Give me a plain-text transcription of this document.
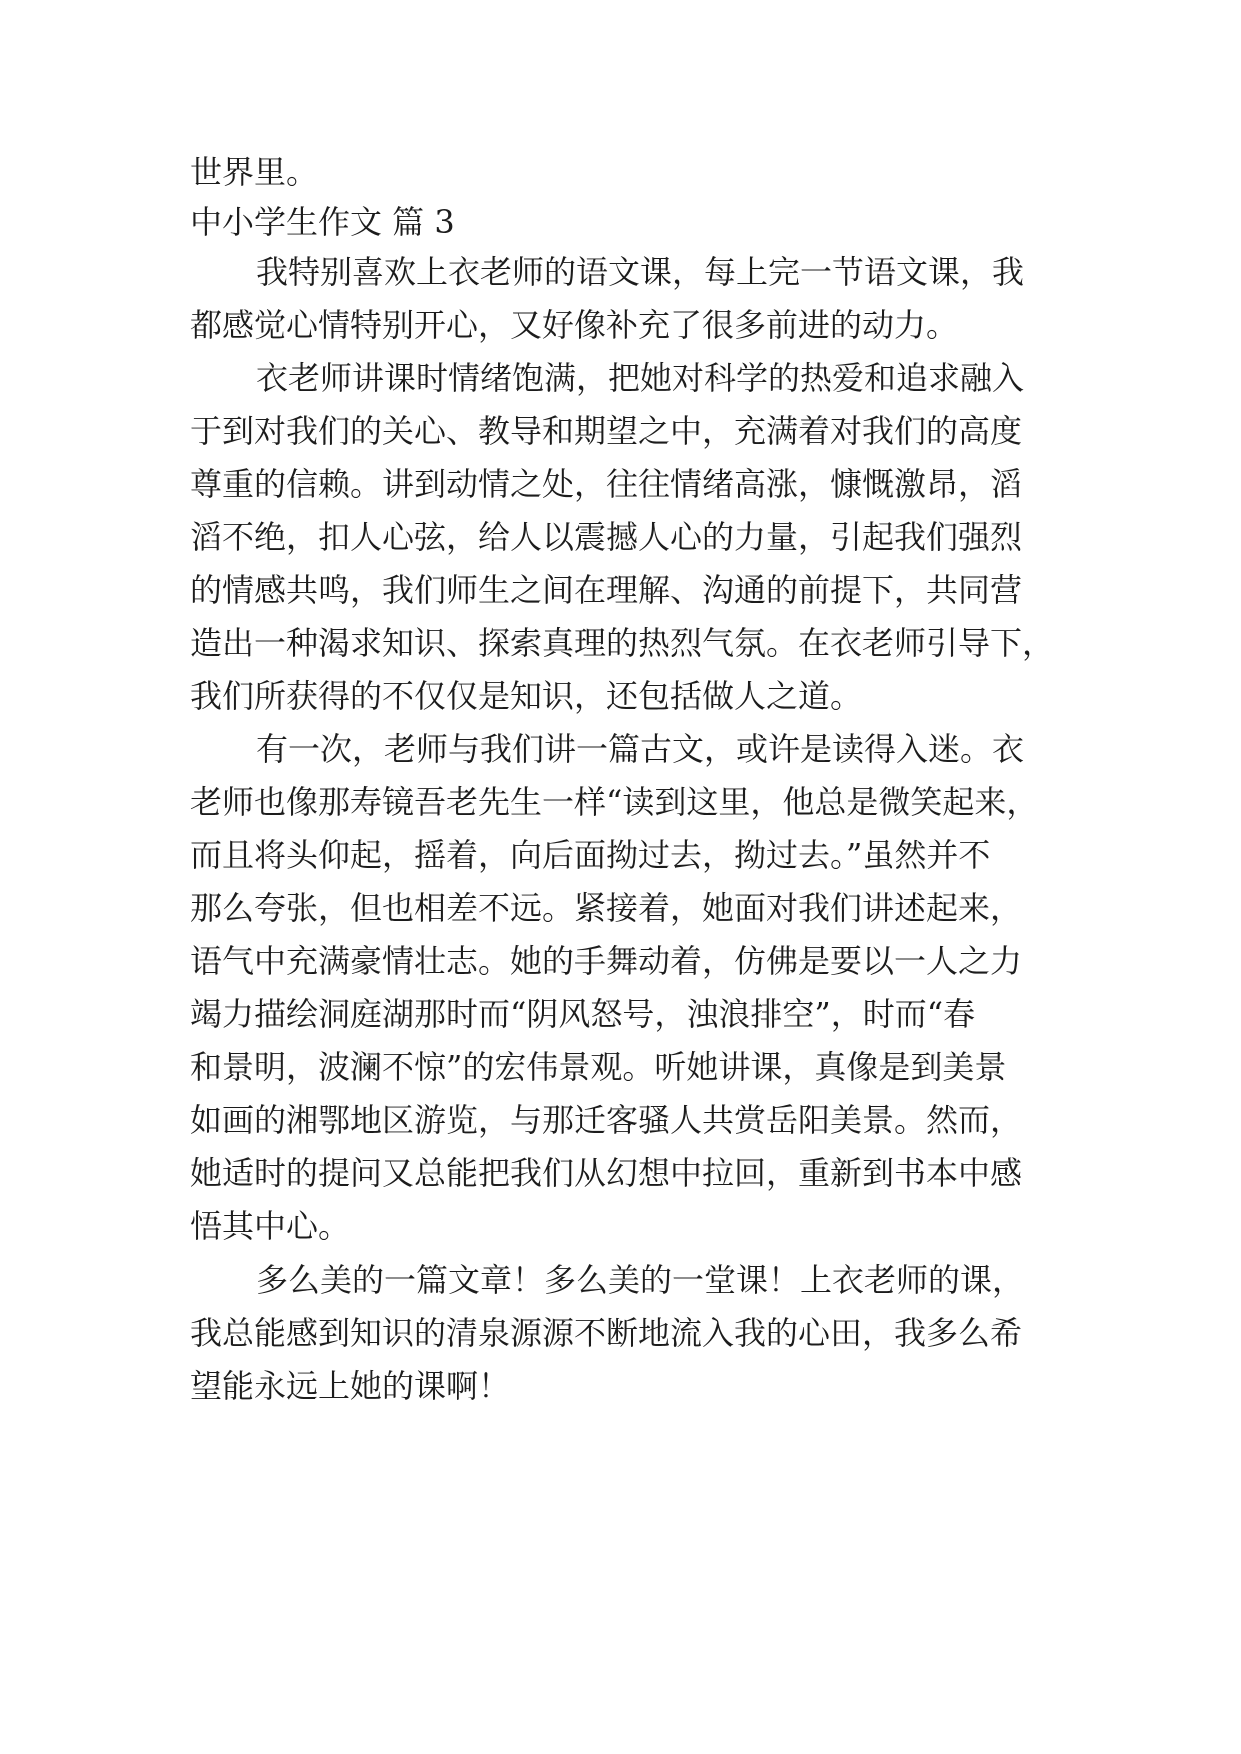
世界里。
中小学生作文 篇 3
我特别喜欢上衣老师的语文课，每上完一节语文课，我
都感觉心情特别开心，又好像补充了很多前进的动力。
衣老师讲课时情绪饱满，把她对科学的热爱和追求融入
于到对我们的关心、教导和期望之中，充满着对我们的高度
尊重的信赖。讲到动情之处，往往情绪高涨，慷慨激昂，滔
滔不绝，扣人心弦，给人以震撼人心的力量，引起我们强烈
的情感共鸣，我们师生之间在理解、沟通的前提下，共同营
造出一种渴求知识、探索真理的热烈气氛。在衣老师引导下，
我们所获得的不仅仅是知识，还包括做人之道。
有一次，老师与我们讲一篇古文，或许是读得入迷。衣
老师也像那寿镜吾老先生一样“读到这里，他总是微笑起来，
而且将头仰起，摇着，向后面拗过去，拗过去。”虽然并不
那么夸张，但也相差不远。紧接着，她面对我们讲述起来，
语气中充满豪情壮志。她的手舞动着，仿佛是要以一人之力
竭力描绘洞庭湖那时而“阴风怒号，浊浪排空”，时而“春
和景明，波澜不惊”的宏伟景观。听她讲课，真像是到美景
如画的湘鄂地区游览，与那迁客骚人共赏岳阳美景。然而，
她适时的提问又总能把我们从幻想中拉回，重新到书本中感
悟其中心。
多么美的一篇文章！多么美的一堂课！上衣老师的课，
我总能感到知识的清泉源源不断地流入我的心田，我多么希
望能永远上她的课啊！
